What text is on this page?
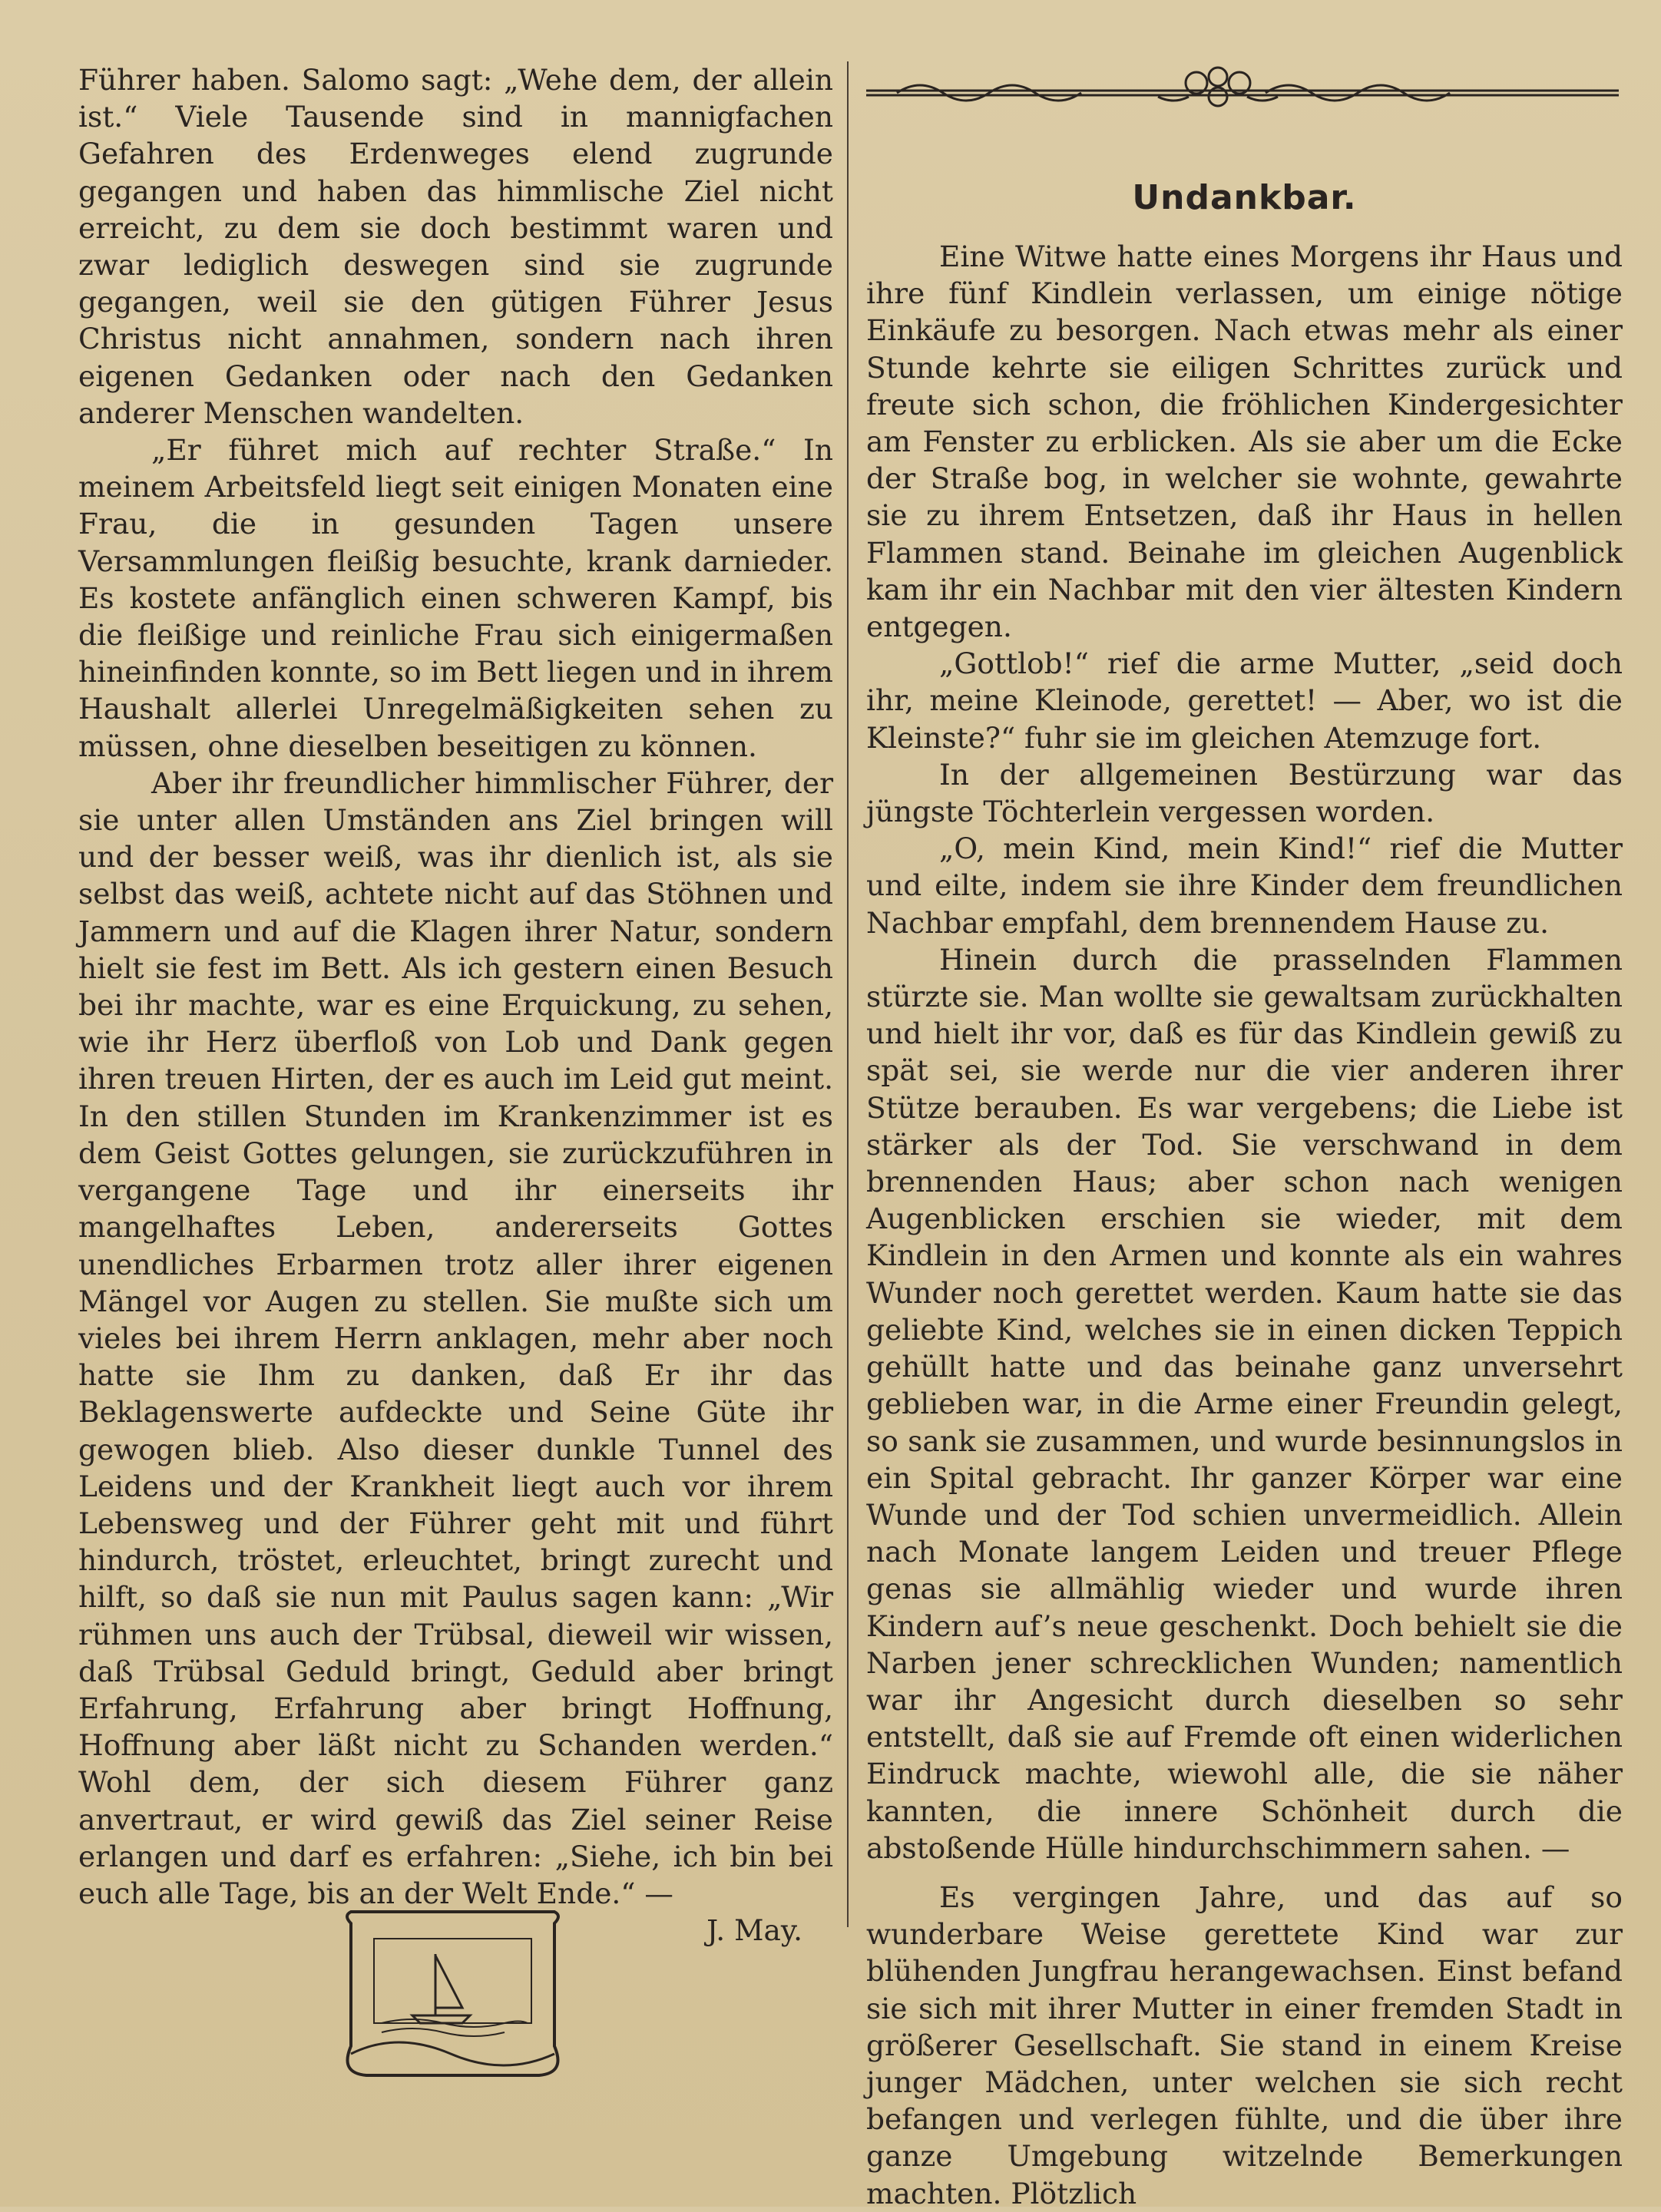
Führer haben. Salomo sagt: „Wehe dem, der allein ist.“ Viele Tausende sind in mannigfachen Gefahren des Erdenweges elend zugrunde gegangen und haben das himmlische Ziel nicht erreicht, zu dem sie doch bestimmt waren und zwar lediglich deswegen sind sie zugrunde gegangen, weil sie den gütigen Führer Jesus Christus nicht annahmen, sondern nach ihren eigenen Gedanken oder nach den Gedanken anderer Menschen wandelten.

„Er führet mich auf rechter Straße.“ In meinem Arbeitsfeld liegt seit einigen Monaten eine Frau, die in gesunden Tagen unsere Versammlungen fleißig besuchte, krank darnieder. Es kostete anfänglich einen schweren Kampf, bis die fleißige und reinliche Frau sich einigermaßen hineinfinden konnte, so im Bett liegen und in ihrem Haushalt allerlei Unregelmäßigkeiten sehen zu müssen, ohne dieselben beseitigen zu können.

Aber ihr freundlicher himmlischer Führer, der sie unter allen Umständen ans Ziel bringen will und der besser weiß, was ihr dienlich ist, als sie selbst das weiß, achtete nicht auf das Stöhnen und Jammern und auf die Klagen ihrer Natur, sondern hielt sie fest im Bett. Als ich gestern einen Besuch bei ihr machte, war es eine Erquickung, zu sehen, wie ihr Herz überfloß von Lob und Dank gegen ihren treuen Hirten, der es auch im Leid gut meint. In den stillen Stunden im Krankenzimmer ist es dem Geist Gottes gelungen, sie zurückzuführen in vergangene Tage und ihr einerseits ihr mangelhaftes Leben, andererseits Gottes unendliches Erbarmen trotz aller ihrer eigenen Mängel vor Augen zu stellen. Sie mußte sich um vieles bei ihrem Herrn anklagen, mehr aber noch hatte sie Ihm zu danken, daß Er ihr das Beklagenswerte aufdeckte und Seine Güte ihr gewogen blieb. Also dieser dunkle Tunnel des Leidens und der Krankheit liegt auch vor ihrem Lebensweg und der Führer geht mit und führt hindurch, tröstet, erleuchtet, bringt zurecht und hilft, so daß sie nun mit Paulus sagen kann: „Wir rühmen uns auch der Trübsal, dieweil wir wissen, daß Trübsal Geduld bringt, Geduld aber bringt Erfahrung, Erfahrung aber bringt Hoffnung, Hoffnung aber läßt nicht zu Schanden werden.“ Wohl dem, der sich diesem Führer ganz anvertraut, er wird gewiß das Ziel seiner Reise erlangen und darf es erfahren: „Siehe, ich bin bei euch alle Tage, bis an der Welt Ende.“ —
J. May.

Undankbar.

Eine Witwe hatte eines Morgens ihr Haus und ihre fünf Kindlein verlassen, um einige nötige Einkäufe zu besorgen. Nach etwas mehr als einer Stunde kehrte sie eiligen Schrittes zurück und freute sich schon, die fröhlichen Kindergesichter am Fenster zu erblicken. Als sie aber um die Ecke der Straße bog, in welcher sie wohnte, gewahrte sie zu ihrem Entsetzen, daß ihr Haus in hellen Flammen stand. Beinahe im gleichen Augenblick kam ihr ein Nachbar mit den vier ältesten Kindern entgegen.

„Gottlob!“ rief die arme Mutter, „seid doch ihr, meine Kleinode, gerettet! — Aber, wo ist die Kleinste?“ fuhr sie im gleichen Atemzuge fort.

In der allgemeinen Bestürzung war das jüngste Töchterlein vergessen worden.

„O, mein Kind, mein Kind!“ rief die Mutter und eilte, indem sie ihre Kinder dem freundlichen Nachbar empfahl, dem brennendem Hause zu.

Hinein durch die prasselnden Flammen stürzte sie. Man wollte sie gewaltsam zurückhalten und hielt ihr vor, daß es für das Kindlein gewiß zu spät sei, sie werde nur die vier anderen ihrer Stütze berauben. Es war vergebens; die Liebe ist stärker als der Tod. Sie verschwand in dem brennenden Haus; aber schon nach wenigen Augenblicken erschien sie wieder, mit dem Kindlein in den Armen und konnte als ein wahres Wunder noch gerettet werden. Kaum hatte sie das geliebte Kind, welches sie in einen dicken Teppich gehüllt hatte und das beinahe ganz unversehrt geblieben war, in die Arme einer Freundin gelegt, so sank sie zusammen, und wurde besinnungslos in ein Spital gebracht. Ihr ganzer Körper war eine Wunde und der Tod schien unvermeidlich. Allein nach Monate langem Leiden und treuer Pflege genas sie allmählig wieder und wurde ihren Kindern auf’s neue geschenkt. Doch behielt sie die Narben jener schrecklichen Wunden; namentlich war ihr Angesicht durch dieselben so sehr entstellt, daß sie auf Fremde oft einen widerlichen Eindruck machte, wiewohl alle, die sie näher kannten, die innere Schönheit durch die abstoßende Hülle hindurchschimmern sahen. —

Es vergingen Jahre, und das auf so wunderbare Weise gerettete Kind war zur blühenden Jungfrau herangewachsen. Einst befand sie sich mit ihrer Mutter in einer fremden Stadt in größerer Gesellschaft. Sie stand in einem Kreise junger Mädchen, unter welchen sie sich recht befangen und verlegen fühlte, und die über ihre ganze Umgebung witzelnde Bemerkungen machten. Plötzlich
